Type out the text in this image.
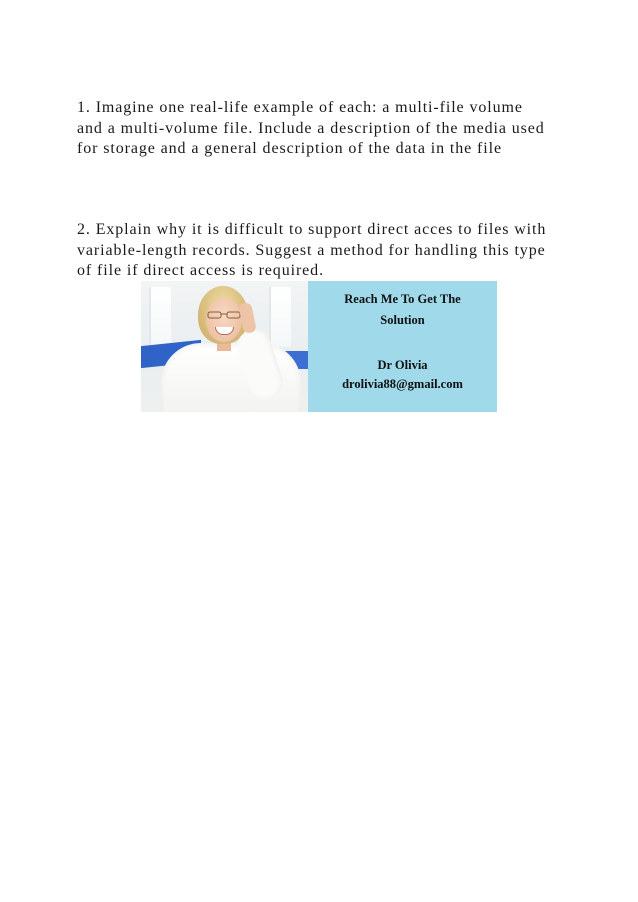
1. Imagine one real-life example of each: a multi-file volume
and a multi-volume file. Include a description of the media used
for storage and a general description of the data in the file

2. Explain why it is difficult to support direct acces to files with
variable-length records. Suggest a method for handling this type
of file if direct access is required.

Reach Me To Get The
Solution
Dr Olivia
drolivia88@gmail.com
